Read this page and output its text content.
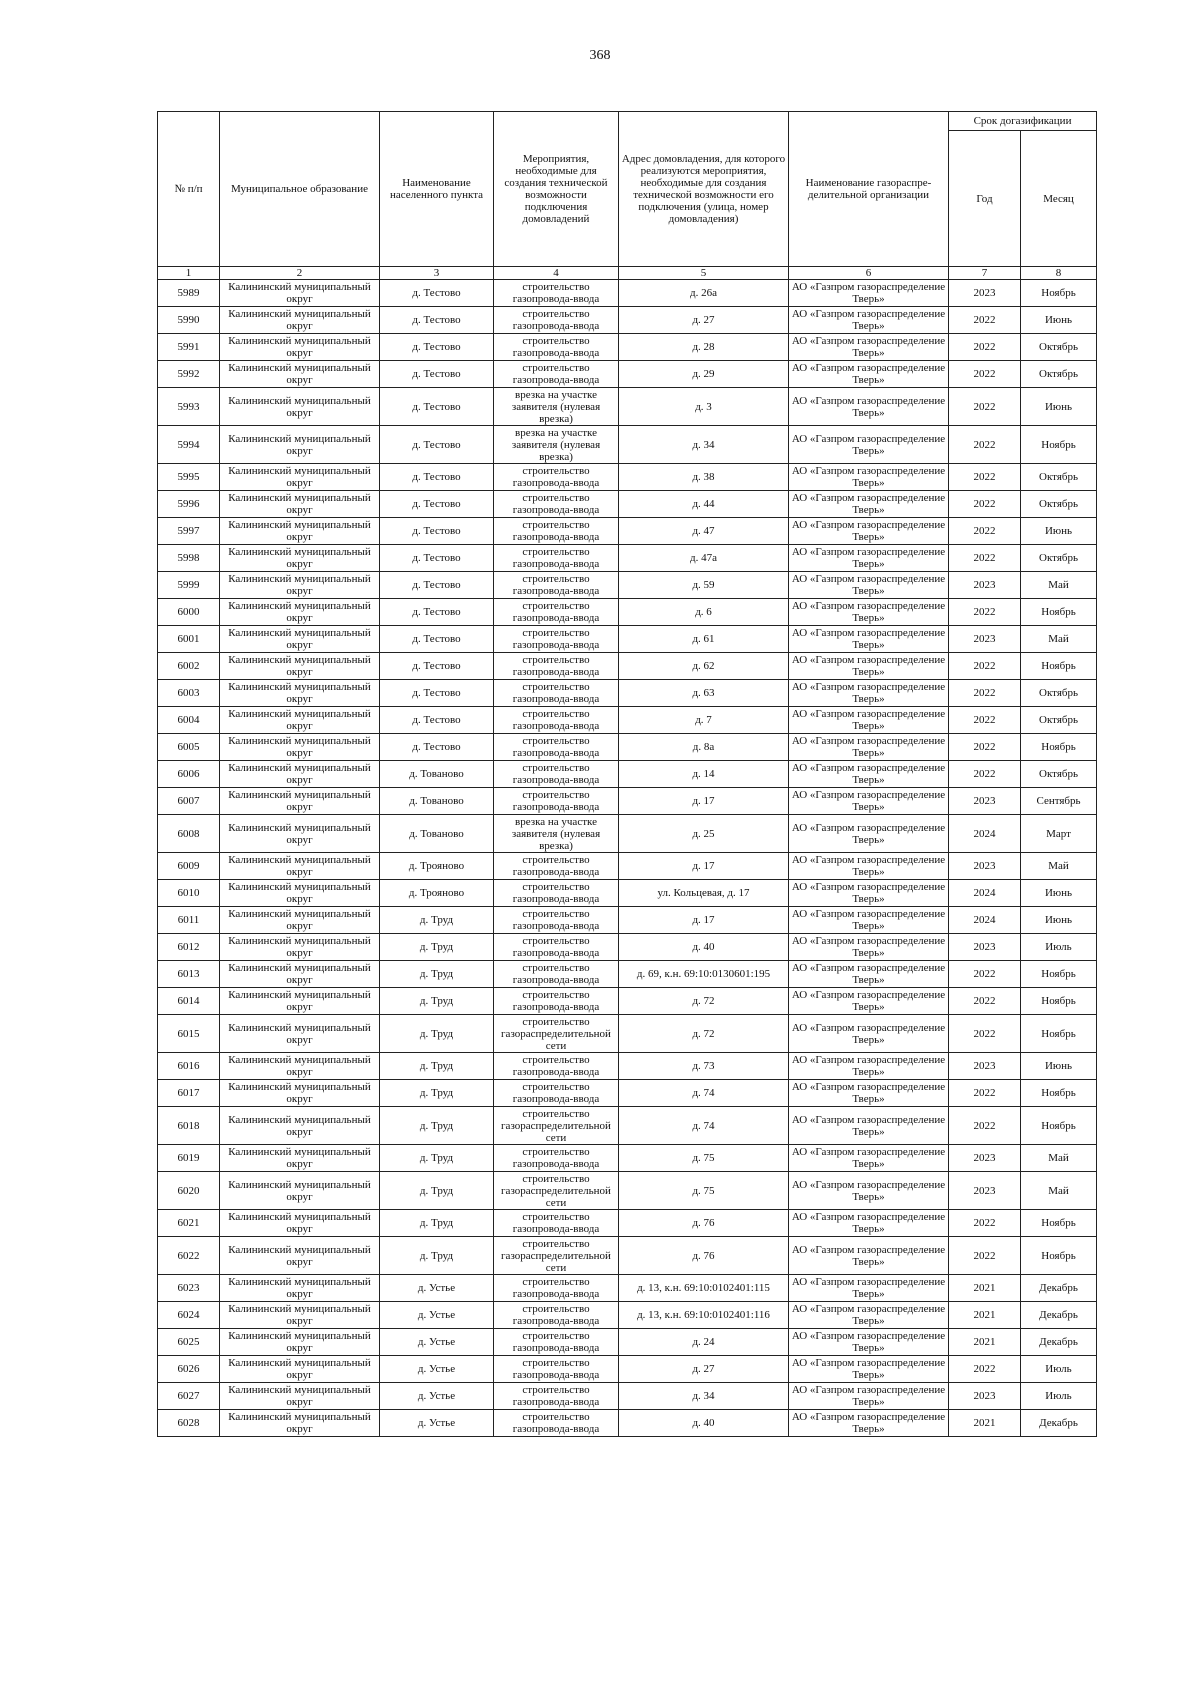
368
№ п/п	Муниципальное образование	Наименование населенного пункта	Мероприятия, необходимые для создания технической возможности подключения домовладений	Адрес домовладения, для которого реализуются мероприятия, необходимые для создания технической возможности его подключения (улица, номер домовладения)	Наименование газораспре-делительной организации	Срок догазификации	
						Год	Месяц
1	2	3	4	5	6	7	8
5989	Калининский муниципальный округ	д. Тестово	строительство газопровода-ввода	д. 26а	АО «Газпром газораспределение Тверь»	2023	Ноябрь
5990	Калининский муниципальный округ	д. Тестово	строительство газопровода-ввода	д. 27	АО «Газпром газораспределение Тверь»	2022	Июнь
5991	Калининский муниципальный округ	д. Тестово	строительство газопровода-ввода	д. 28	АО «Газпром газораспределение Тверь»	2022	Октябрь
5992	Калининский муниципальный округ	д. Тестово	строительство газопровода-ввода	д. 29	АО «Газпром газораспределение Тверь»	2022	Октябрь
5993	Калининский муниципальный округ	д. Тестово	врезка на участке заявителя (нулевая врезка)	д. 3	АО «Газпром газораспределение Тверь»	2022	Июнь
5994	Калининский муниципальный округ	д. Тестово	врезка на участке заявителя (нулевая врезка)	д. 34	АО «Газпром газораспределение Тверь»	2022	Ноябрь
5995	Калининский муниципальный округ	д. Тестово	строительство газопровода-ввода	д. 38	АО «Газпром газораспределение Тверь»	2022	Октябрь
5996	Калининский муниципальный округ	д. Тестово	строительство газопровода-ввода	д. 44	АО «Газпром газораспределение Тверь»	2022	Октябрь
5997	Калининский муниципальный округ	д. Тестово	строительство газопровода-ввода	д. 47	АО «Газпром газораспределение Тверь»	2022	Июнь
5998	Калининский муниципальный округ	д. Тестово	строительство газопровода-ввода	д. 47а	АО «Газпром газораспределение Тверь»	2022	Октябрь
5999	Калининский муниципальный округ	д. Тестово	строительство газопровода-ввода	д. 59	АО «Газпром газораспределение Тверь»	2023	Май
6000	Калининский муниципальный округ	д. Тестово	строительство газопровода-ввода	д. 6	АО «Газпром газораспределение Тверь»	2022	Ноябрь
6001	Калининский муниципальный округ	д. Тестово	строительство газопровода-ввода	д. 61	АО «Газпром газораспределение Тверь»	2023	Май
6002	Калининский муниципальный округ	д. Тестово	строительство газопровода-ввода	д. 62	АО «Газпром газораспределение Тверь»	2022	Ноябрь
6003	Калининский муниципальный округ	д. Тестово	строительство газопровода-ввода	д. 63	АО «Газпром газораспределение Тверь»	2022	Октябрь
6004	Калининский муниципальный округ	д. Тестово	строительство газопровода-ввода	д. 7	АО «Газпром газораспределение Тверь»	2022	Октябрь
6005	Калининский муниципальный округ	д. Тестово	строительство газопровода-ввода	д. 8а	АО «Газпром газораспределение Тверь»	2022	Ноябрь
6006	Калининский муниципальный округ	д. Тованово	строительство газопровода-ввода	д. 14	АО «Газпром газораспределение Тверь»	2022	Октябрь
6007	Калининский муниципальный округ	д. Тованово	строительство газопровода-ввода	д. 17	АО «Газпром газораспределение Тверь»	2023	Сентябрь
6008	Калининский муниципальный округ	д. Тованово	врезка на участке заявителя (нулевая врезка)	д. 25	АО «Газпром газораспределение Тверь»	2024	Март
6009	Калининский муниципальный округ	д. Трояново	строительство газопровода-ввода	д. 17	АО «Газпром газораспределение Тверь»	2023	Май
6010	Калининский муниципальный округ	д. Трояново	строительство газопровода-ввода	ул. Кольцевая, д. 17	АО «Газпром газораспределение Тверь»	2024	Июнь
6011	Калининский муниципальный округ	д. Труд	строительство газопровода-ввода	д. 17	АО «Газпром газораспределение Тверь»	2024	Июнь
6012	Калининский муниципальный округ	д. Труд	строительство газопровода-ввода	д. 40	АО «Газпром газораспределение Тверь»	2023	Июль
6013	Калининский муниципальный округ	д. Труд	строительство газопровода-ввода	д. 69, к.н. 69:10:0130601:195	АО «Газпром газораспределение Тверь»	2022	Ноябрь
6014	Калининский муниципальный округ	д. Труд	строительство газопровода-ввода	д. 72	АО «Газпром газораспределение Тверь»	2022	Ноябрь
6015	Калининский муниципальный округ	д. Труд	строительство газораспределительной сети	д. 72	АО «Газпром газораспределение Тверь»	2022	Ноябрь
6016	Калининский муниципальный округ	д. Труд	строительство газопровода-ввода	д. 73	АО «Газпром газораспределение Тверь»	2023	Июнь
6017	Калининский муниципальный округ	д. Труд	строительство газопровода-ввода	д. 74	АО «Газпром газораспределение Тверь»	2022	Ноябрь
6018	Калининский муниципальный округ	д. Труд	строительство газораспределительной сети	д. 74	АО «Газпром газораспределение Тверь»	2022	Ноябрь
6019	Калининский муниципальный округ	д. Труд	строительство газопровода-ввода	д. 75	АО «Газпром газораспределение Тверь»	2023	Май
6020	Калининский муниципальный округ	д. Труд	строительство газораспределительной сети	д. 75	АО «Газпром газораспределение Тверь»	2023	Май
6021	Калининский муниципальный округ	д. Труд	строительство газопровода-ввода	д. 76	АО «Газпром газораспределение Тверь»	2022	Ноябрь
6022	Калининский муниципальный округ	д. Труд	строительство газораспределительной сети	д. 76	АО «Газпром газораспределение Тверь»	2022	Ноябрь
6023	Калининский муниципальный округ	д. Устье	строительство газопровода-ввода	д. 13, к.н. 69:10:0102401:115	АО «Газпром газораспределение Тверь»	2021	Декабрь
6024	Калининский муниципальный округ	д. Устье	строительство газопровода-ввода	д. 13, к.н. 69:10:0102401:116	АО «Газпром газораспределение Тверь»	2021	Декабрь
6025	Калининский муниципальный округ	д. Устье	строительство газопровода-ввода	д. 24	АО «Газпром газораспределение Тверь»	2021	Декабрь
6026	Калининский муниципальный округ	д. Устье	строительство газопровода-ввода	д. 27	АО «Газпром газораспределение Тверь»	2022	Июль
6027	Калининский муниципальный округ	д. Устье	строительство газопровода-ввода	д. 34	АО «Газпром газораспределение Тверь»	2023	Июль
6028	Калининский муниципальный округ	д. Устье	строительство газопровода-ввода	д. 40	АО «Газпром газораспределение Тверь»	2021	Декабрь
